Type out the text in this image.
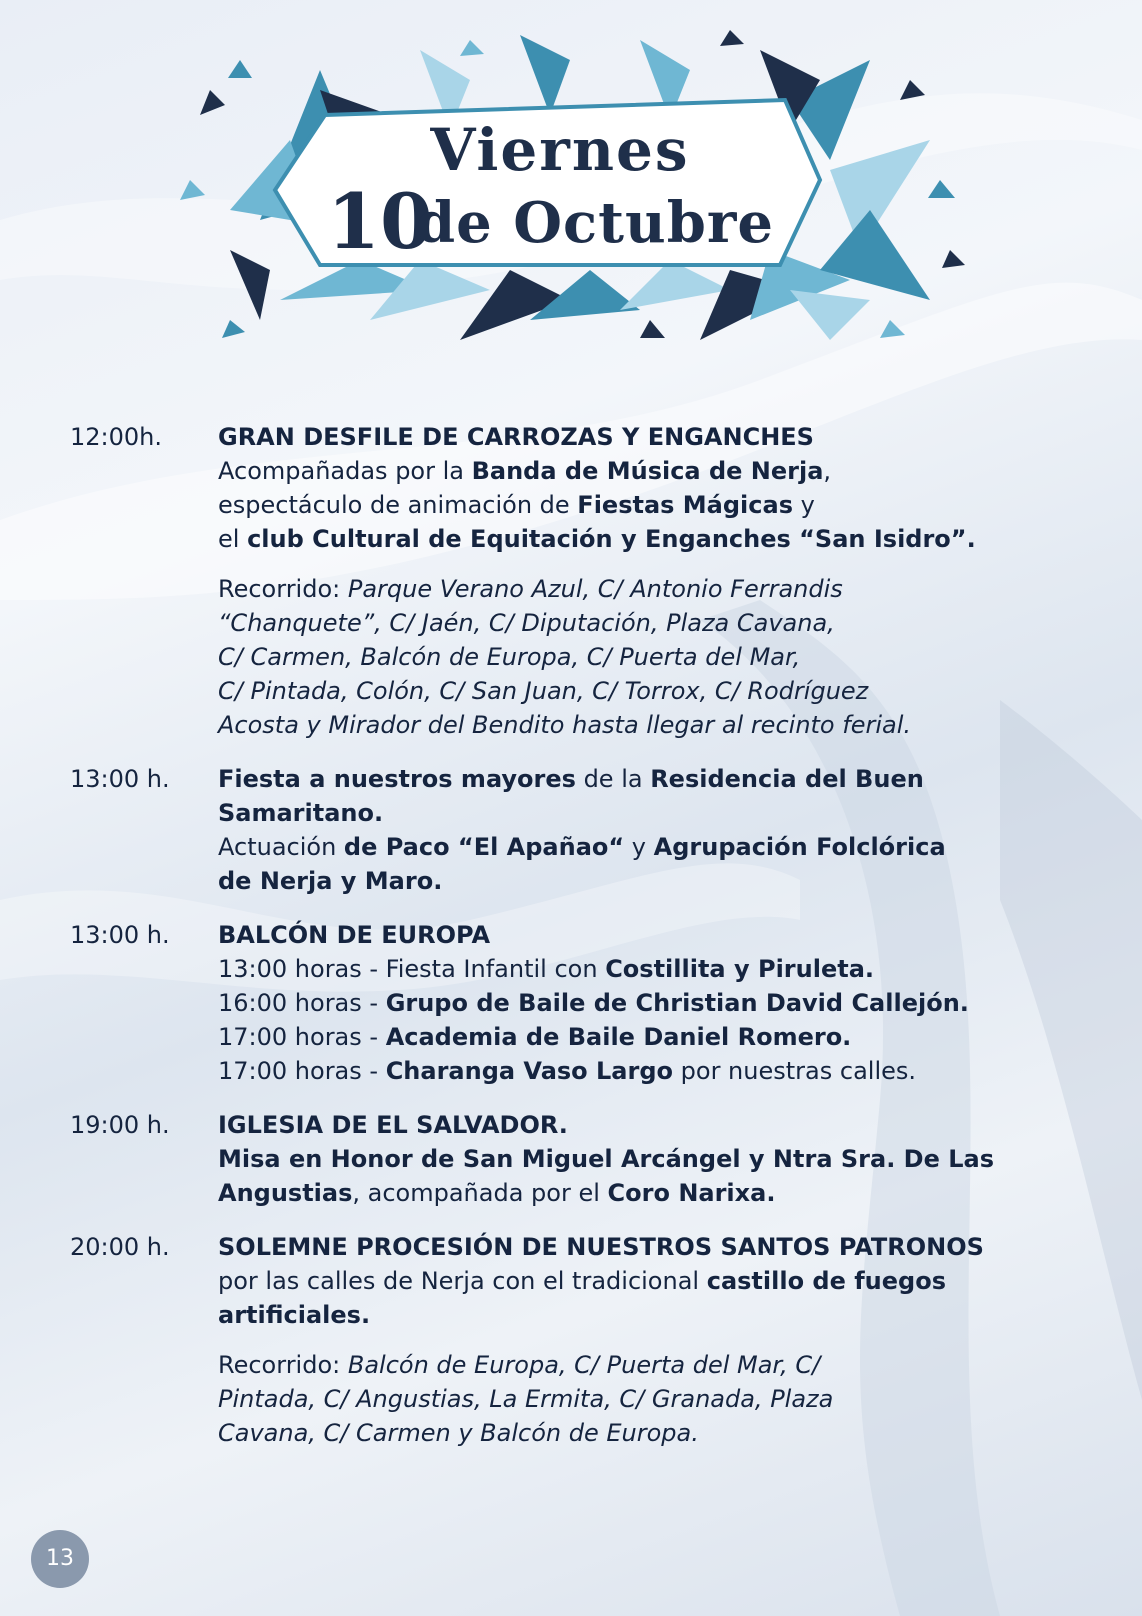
Viernes
10
de Octubre
12:00h.	GRAN DESFILE DE CARROZAS Y ENGANCHES
Acompañadas por la Banda de Música de Nerja,
espectáculo de animación de Fiestas Mágicas y
el club Cultural de Equitación y Enganches “San Isidro”.
Recorrido: Parque Verano Azul, C/ Antonio Ferrandis
“Chanquete”, C/ Jaén, C/ Diputación, Plaza Cavana,
C/ Carmen, Balcón de Europa, C/ Puerta del Mar,
C/ Pintada, Colón, C/ San Juan, C/ Torrox, C/ Rodríguez
Acosta y Mirador del Bendito hasta llegar al recinto ferial.
13:00 h.	Fiesta a nuestros mayores de la Residencia del Buen
Samaritano.
Actuación de Paco “El Apañao“ y Agrupación Folclórica
de Nerja y Maro.
13:00 h.	BALCÓN DE EUROPA
13:00 horas - Fiesta Infantil con Costillita y Piruleta.
16:00 horas - Grupo de Baile de Christian David Callejón.
17:00 horas - Academia de Baile Daniel Romero.
17:00 horas - Charanga Vaso Largo por nuestras calles.
19:00 h.	IGLESIA DE EL SALVADOR.
Misa en Honor de San Miguel Arcángel y Ntra Sra. De Las
Angustias, acompañada por el Coro Narixa.
20:00 h.	SOLEMNE PROCESIÓN DE NUESTROS SANTOS PATRONOS
por las calles de Nerja con el tradicional castillo de fuegos
artificiales.
Recorrido: Balcón de Europa, C/ Puerta del Mar, C/
Pintada, C/ Angustias, La Ermita, C/ Granada, Plaza
Cavana, C/ Carmen y Balcón de Europa.
13
